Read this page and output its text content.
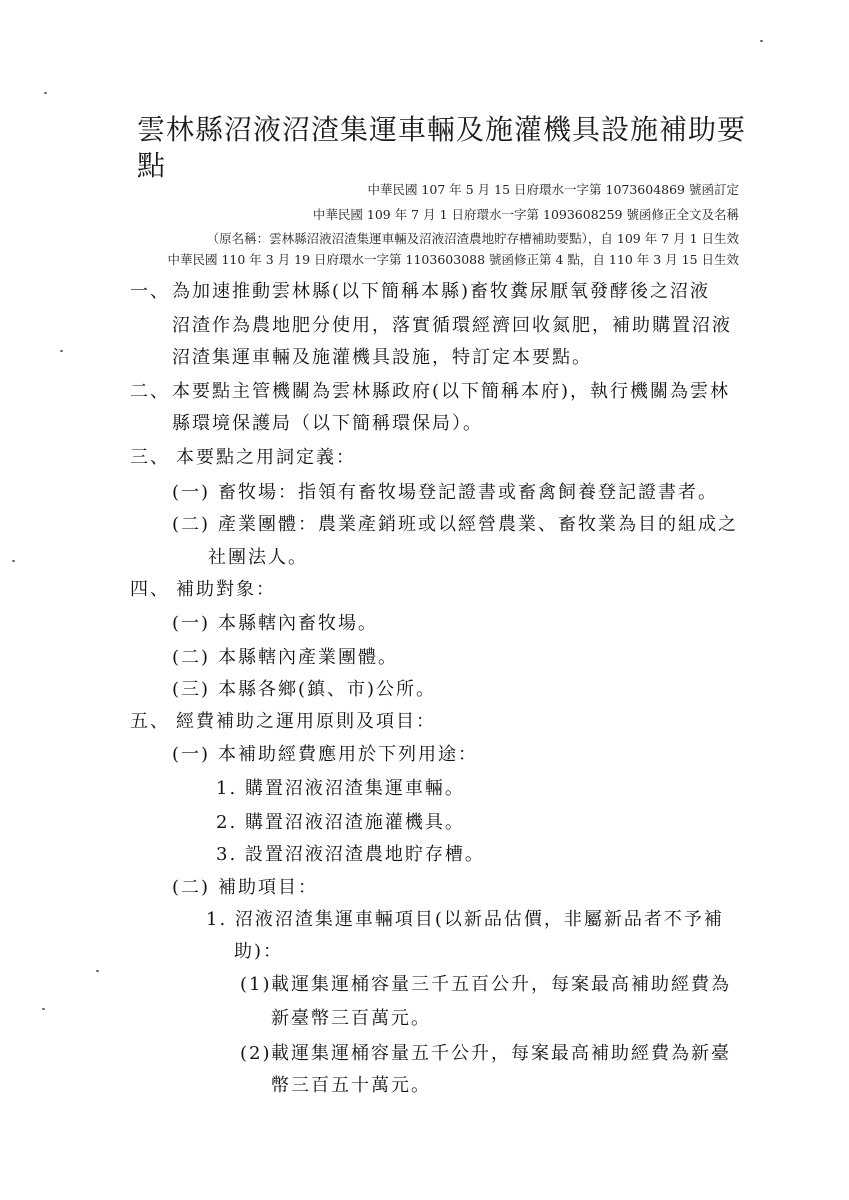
雲林縣沼液沼渣集運車輛及施灌機具設施補助要點
中華民國 107 年 5 月 15 日府環水一字第 1073604869 號函訂定
中華民國 109 年 7 月 1 日府環水一字第 1093608259 號函修正全文及名稱
（原名稱：雲林縣沼液沼渣集運車輛及沼液沼渣農地貯存槽補助要點），自 109 年 7 月 1 日生效
中華民國 110 年 3 月 19 日府環水一字第 1103603088 號函修正第 4 點，自 110 年 3 月 15 日生效
一、 為加速推動雲林縣(以下簡稱本縣)畜牧糞尿厭氧發酵後之沼液
沼渣作為農地肥分使用，落實循環經濟回收氮肥，補助購置沼液
沼渣集運車輛及施灌機具設施，特訂定本要點。
二、 本要點主管機關為雲林縣政府(以下簡稱本府)，執行機關為雲林
縣環境保護局（以下簡稱環保局）。
三、 本要點之用詞定義：
(一) 畜牧場：指領有畜牧場登記證書或畜禽飼養登記證書者。
(二) 產業團體：農業產銷班或以經營農業、畜牧業為目的組成之
社團法人。
四、 補助對象：
(一) 本縣轄內畜牧場。
(二) 本縣轄內產業團體。
(三) 本縣各鄉(鎮、市)公所。
五、 經費補助之運用原則及項目：
(一) 本補助經費應用於下列用途：
1. 購置沼液沼渣集運車輛。
2. 購置沼液沼渣施灌機具。
3. 設置沼液沼渣農地貯存槽。
(二) 補助項目：
1. 沼液沼渣集運車輛項目(以新品估價，非屬新品者不予補
助)：
(1) 載運集運桶容量三千五百公升，每案最高補助經費為
新臺幣三百萬元。
(2) 載運集運桶容量五千公升，每案最高補助經費為新臺
幣三百五十萬元。
